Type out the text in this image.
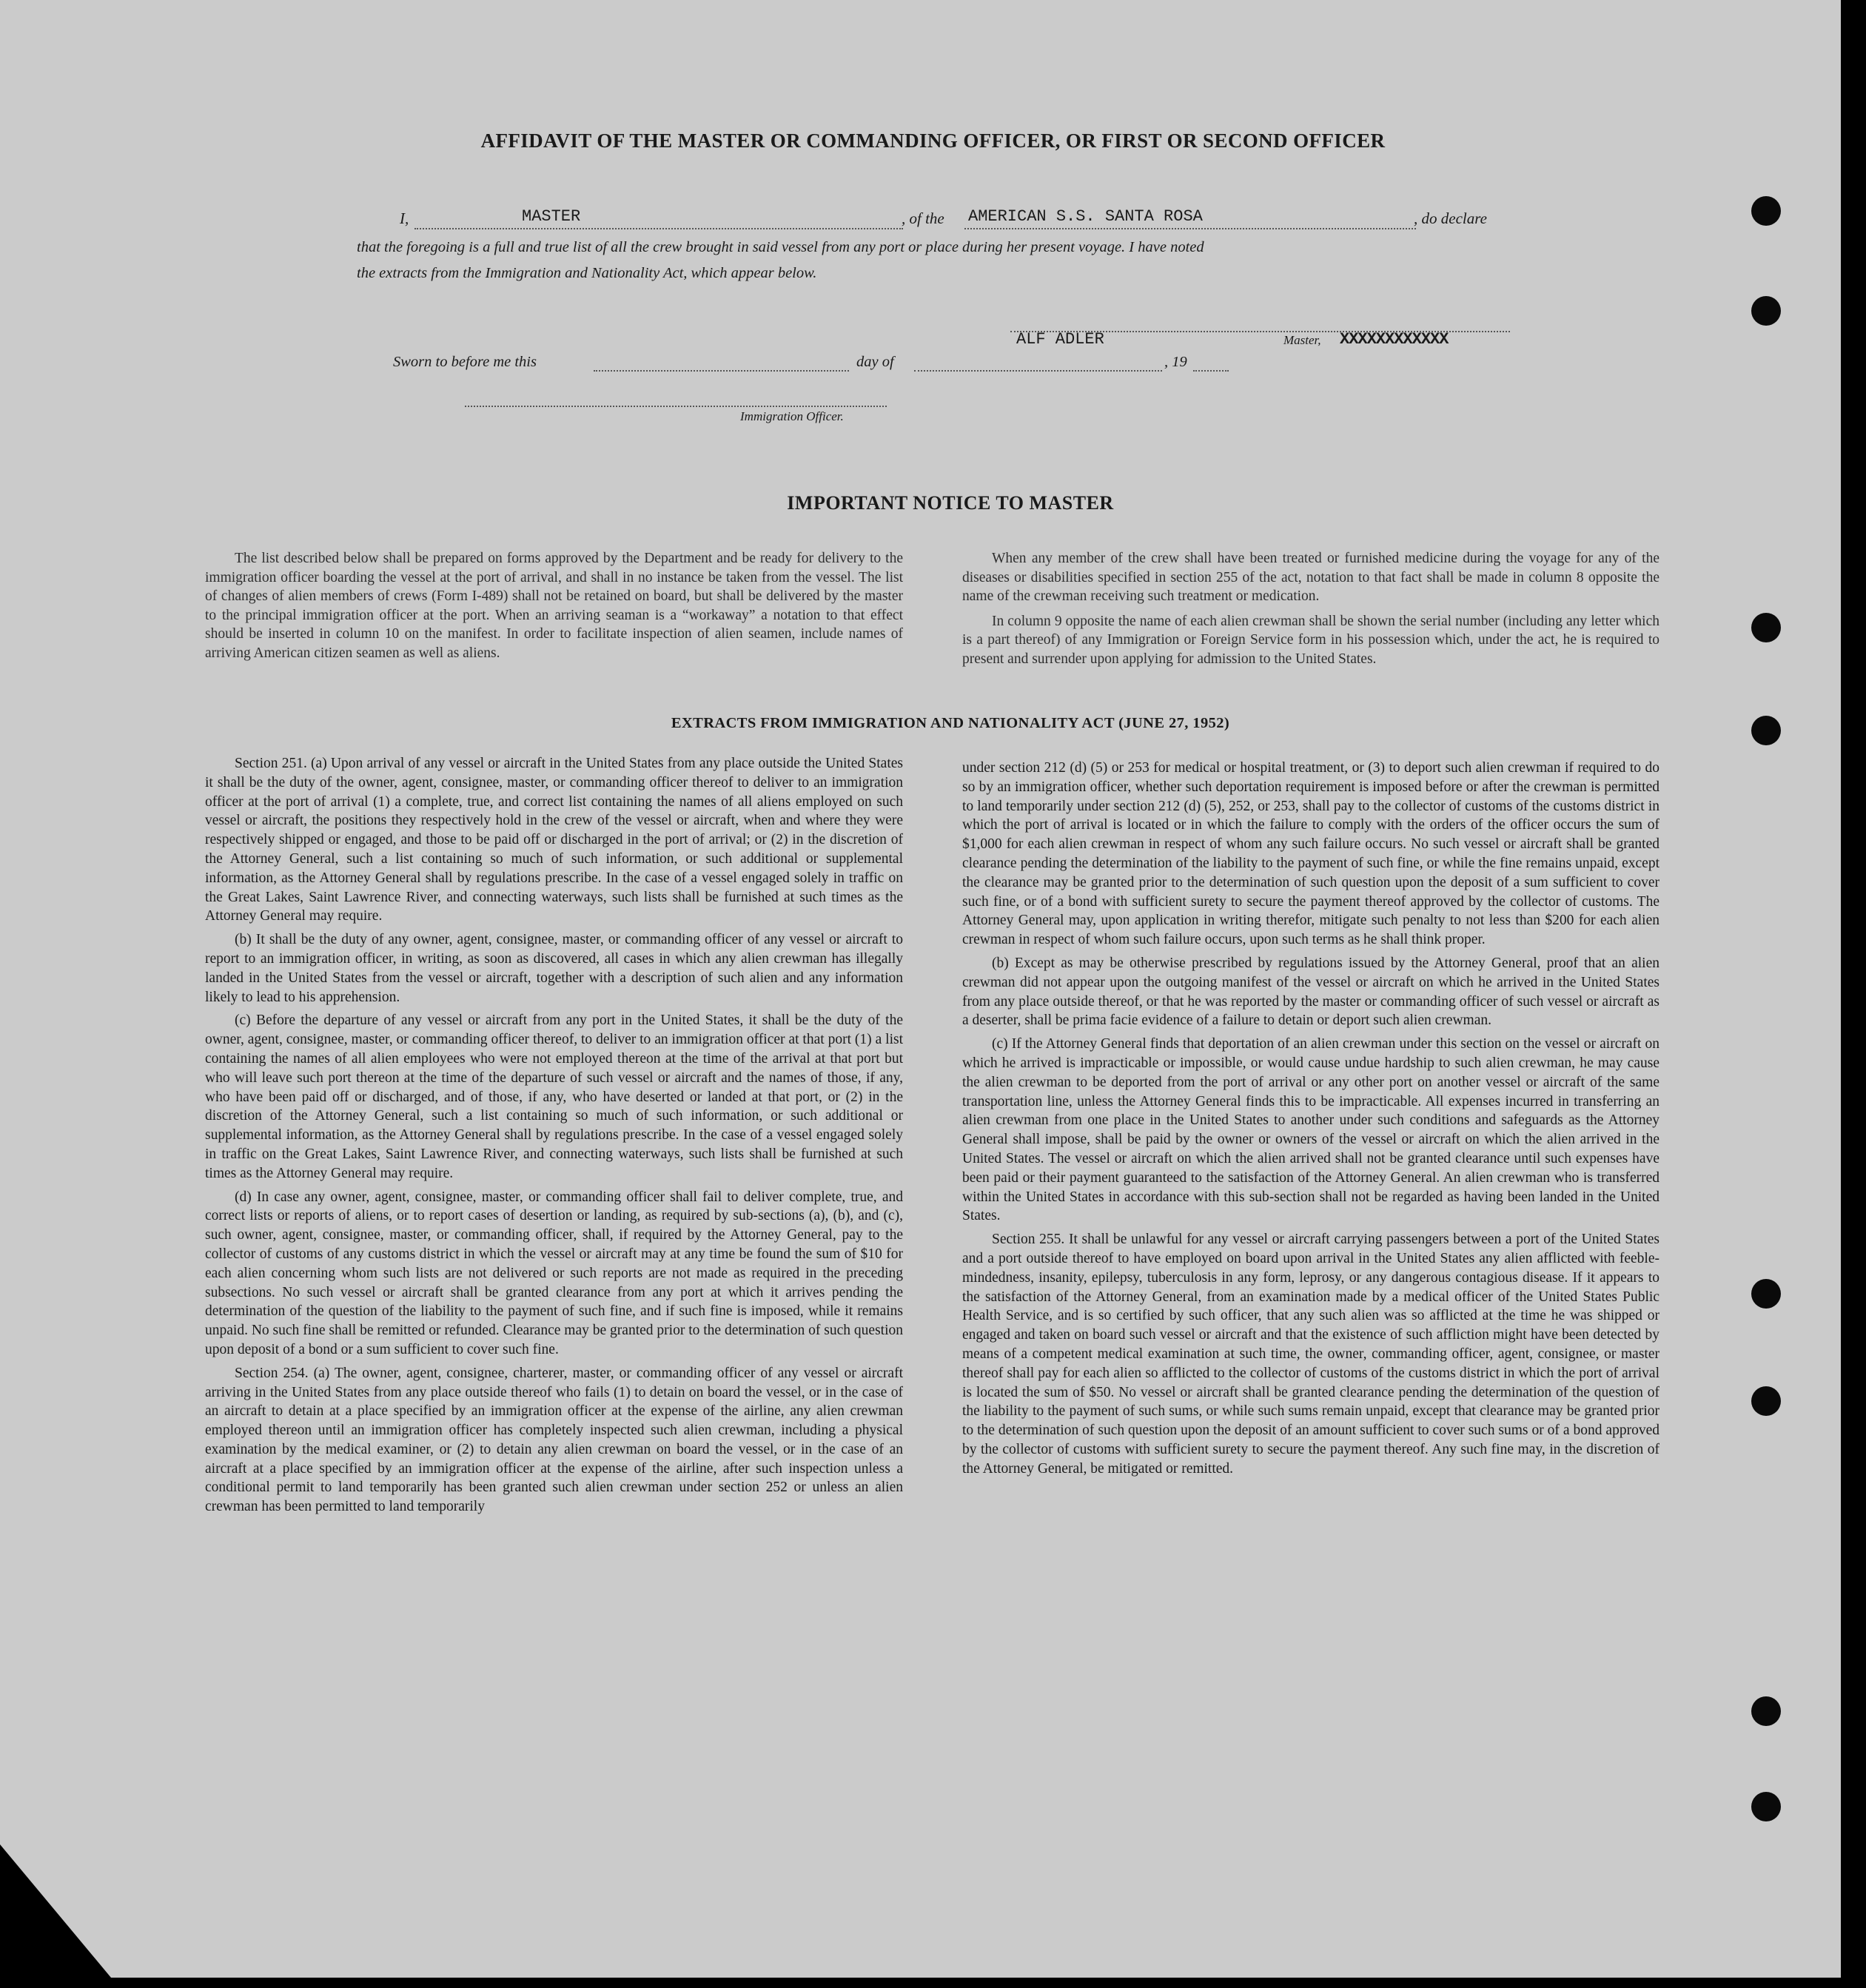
AFFIDAVIT OF THE MASTER OR COMMANDING OFFICER, OR FIRST OR SECOND OFFICER
I,	MASTER	, of the AMERICAN S.S. SANTA ROSA	, do declare
that the foregoing is a full and true list of all the crew brought in said vessel from any port or place during her present voyage. I have noted
the extracts from the Immigration and Nationality Act, which appear below.
ALF ADLER	Master, XXXXXXXXXXXX
Sworn to before me this	day of	, 19
Immigration Officer.
IMPORTANT NOTICE TO MASTER

The list described below shall be prepared on forms approved by the Department and be ready for delivery to the immigration officer boarding the vessel at the port of arrival, and shall in no instance be taken from the vessel. The list of changes of alien members of crews (Form I-489) shall not be retained on board, but shall be delivered by the master to the principal immigration officer at the port. When an arriving seaman is a “workaway” a notation to that effect should be inserted in column 10 on the manifest. In order to facilitate inspection of alien seamen, include names of arriving American citizen seamen as well as aliens.

When any member of the crew shall have been treated or furnished medicine during the voyage for any of the diseases or disabilities specified in section 255 of the act, notation to that fact shall be made in column 8 opposite the name of the crewman receiving such treatment or medication.

In column 9 opposite the name of each alien crewman shall be shown the serial number (including any letter which is a part thereof) of any Immigration or Foreign Service form in his possession which, under the act, he is required to present and surrender upon applying for admission to the United States.

EXTRACTS FROM IMMIGRATION AND NATIONALITY ACT (JUNE 27, 1952)

Section 251. (a) Upon arrival of any vessel or aircraft in the United States from any place outside the United States it shall be the duty of the owner, agent, consignee, master, or commanding officer thereof to deliver to an immigration officer at the port of arrival (1) a complete, true, and correct list containing the names of all aliens employed on such vessel or aircraft, the positions they respectively hold in the crew of the vessel or aircraft, when and where they were respectively shipped or engaged, and those to be paid off or discharged in the port of arrival; or (2) in the discretion of the Attorney General, such a list containing so much of such information, or such additional or supplemental information, as the Attorney General shall by regulations prescribe. In the case of a vessel engaged solely in traffic on the Great Lakes, Saint Lawrence River, and connecting waterways, such lists shall be furnished at such times as the Attorney General may require.

(b) It shall be the duty of any owner, agent, consignee, master, or commanding officer of any vessel or aircraft to report to an immigration officer, in writing, as soon as discovered, all cases in which any alien crewman has illegally landed in the United States from the vessel or aircraft, together with a description of such alien and any information likely to lead to his apprehension.

(c) Before the departure of any vessel or aircraft from any port in the United States, it shall be the duty of the owner, agent, consignee, master, or commanding officer thereof, to deliver to an immigration officer at that port (1) a list containing the names of all alien employees who were not employed thereon at the time of the arrival at that port but who will leave such port thereon at the time of the departure of such vessel or aircraft and the names of those, if any, who have been paid off or discharged, and of those, if any, who have deserted or landed at that port, or (2) in the discretion of the Attorney General, such a list containing so much of such information, or such additional or supplemental information, as the Attorney General shall by regulations prescribe. In the case of a vessel engaged solely in traffic on the Great Lakes, Saint Lawrence River, and connecting waterways, such lists shall be furnished at such times as the Attorney General may require.

(d) In case any owner, agent, consignee, master, or commanding officer shall fail to deliver complete, true, and correct lists or reports of aliens, or to report cases of desertion or landing, as required by sub-sections (a), (b), and (c), such owner, agent, consignee, master, or commanding officer, shall, if required by the Attorney General, pay to the collector of customs of any customs district in which the vessel or aircraft may at any time be found the sum of $10 for each alien concerning whom such lists are not delivered or such reports are not made as required in the preceding subsections. No such vessel or aircraft shall be granted clearance from any port at which it arrives pending the determination of the question of the liability to the payment of such fine, and if such fine is imposed, while it remains unpaid. No such fine shall be remitted or refunded. Clearance may be granted prior to the determination of such question upon deposit of a bond or a sum sufficient to cover such fine.

Section 254. (a) The owner, agent, consignee, charterer, master, or commanding officer of any vessel or aircraft arriving in the United States from any place outside thereof who fails (1) to detain on board the vessel, or in the case of an aircraft to detain at a place specified by an immigration officer at the expense of the airline, any alien crewman employed thereon until an immigration officer has completely inspected such alien crewman, including a physical examination by the medical examiner, or (2) to detain any alien crewman on board the vessel, or in the case of an aircraft at a place specified by an immigration officer at the expense of the airline, after such inspection unless a conditional permit to land temporarily has been granted such alien crewman under section 252 or unless an alien crewman has been permitted to land temporarily

under section 212 (d) (5) or 253 for medical or hospital treatment, or (3) to deport such alien crewman if required to do so by an immigration officer, whether such deportation requirement is imposed before or after the crewman is permitted to land temporarily under section 212 (d) (5), 252, or 253, shall pay to the collector of customs of the customs district in which the port of arrival is located or in which the failure to comply with the orders of the officer occurs the sum of $1,000 for each alien crewman in respect of whom any such failure occurs. No such vessel or aircraft shall be granted clearance pending the determination of the liability to the payment of such fine, or while the fine remains unpaid, except the clearance may be granted prior to the determination of such question upon the deposit of a sum sufficient to cover such fine, or of a bond with sufficient surety to secure the payment thereof approved by the collector of customs. The Attorney General may, upon application in writing therefor, mitigate such penalty to not less than $200 for each alien crewman in respect of whom such failure occurs, upon such terms as he shall think proper.

(b) Except as may be otherwise prescribed by regulations issued by the Attorney General, proof that an alien crewman did not appear upon the outgoing manifest of the vessel or aircraft on which he arrived in the United States from any place outside thereof, or that he was reported by the master or commanding officer of such vessel or aircraft as a deserter, shall be prima facie evidence of a failure to detain or deport such alien crewman.

(c) If the Attorney General finds that deportation of an alien crewman under this section on the vessel or aircraft on which he arrived is impracticable or impossible, or would cause undue hardship to such alien crewman, he may cause the alien crewman to be deported from the port of arrival or any other port on another vessel or aircraft of the same transportation line, unless the Attorney General finds this to be impracticable. All expenses incurred in transferring an alien crewman from one place in the United States to another under such conditions and safeguards as the Attorney General shall impose, shall be paid by the owner or owners of the vessel or aircraft on which the alien arrived in the United States. The vessel or aircraft on which the alien arrived shall not be granted clearance until such expenses have been paid or their payment guaranteed to the satisfaction of the Attorney General. An alien crewman who is transferred within the United States in accordance with this sub-section shall not be regarded as having been landed in the United States.

Section 255. It shall be unlawful for any vessel or aircraft carrying passengers between a port of the United States and a port outside thereof to have employed on board upon arrival in the United States any alien afflicted with feeble-mindedness, insanity, epilepsy, tuberculosis in any form, leprosy, or any dangerous contagious disease. If it appears to the satisfaction of the Attorney General, from an examination made by a medical officer of the United States Public Health Service, and is so certified by such officer, that any such alien was so afflicted at the time he was shipped or engaged and taken on board such vessel or aircraft and that the existence of such affliction might have been detected by means of a competent medical examination at such time, the owner, commanding officer, agent, consignee, or master thereof shall pay for each alien so afflicted to the collector of customs of the customs district in which the port of arrival is located the sum of $50. No vessel or aircraft shall be granted clearance pending the determination of the question of the liability to the payment of such sums, or while such sums remain unpaid, except that clearance may be granted prior to the determination of such question upon the deposit of an amount sufficient to cover such sums or of a bond approved by the collector of customs with sufficient surety to secure the payment thereof. Any such fine may, in the discretion of the Attorney General, be mitigated or remitted.
